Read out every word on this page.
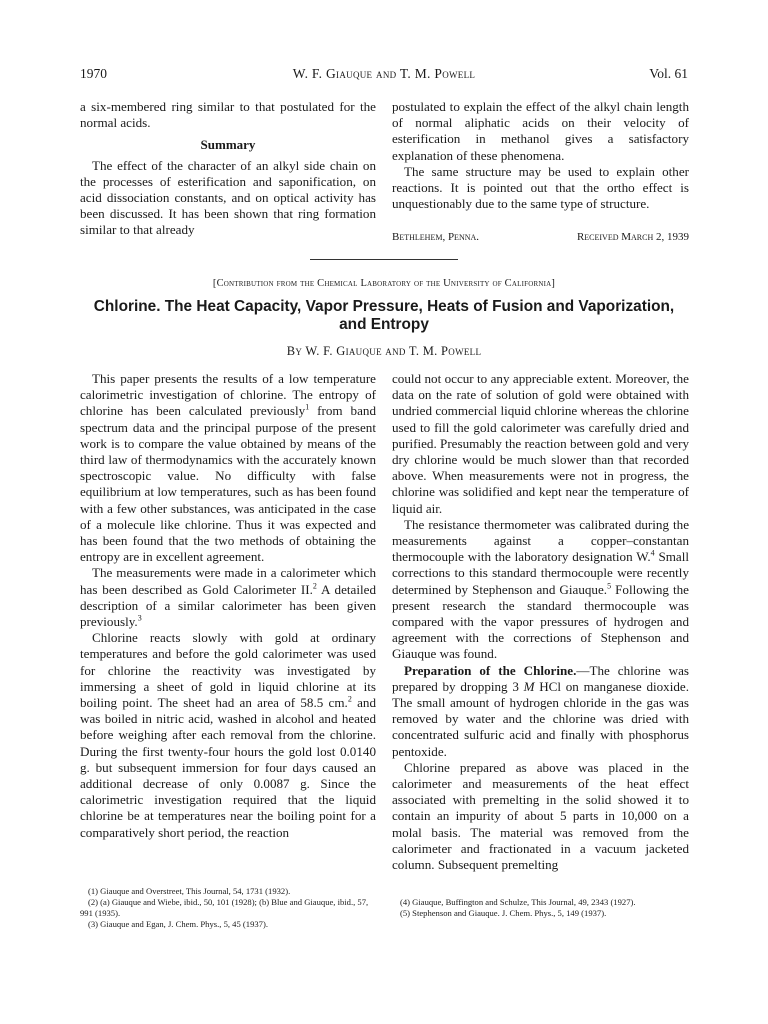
1970	W. F. Giauque and T. M. Powell	Vol. 61

a six-membered ring similar to that postulated for the normal acids.

Summary

The effect of the character of an alkyl side chain on the processes of esterification and saponification, on acid dissociation constants, and on optical activity has been discussed. It has been shown that ring formation similar to that already

postulated to explain the effect of the alkyl chain length of normal aliphatic acids on their velocity of esterification in methanol gives a satisfactory explanation of these phenomena.

The same structure may be used to explain other reactions. It is pointed out that the ortho effect is unquestionably due to the same type of structure.

Bethlehem, Penna.	Received March 2, 1939
[Contribution from the Chemical Laboratory of the University of California]
Chlorine. The Heat Capacity, Vapor Pressure, Heats of Fusion and Vaporization,
and Entropy
By W. F. Giauque and T. M. Powell

This paper presents the results of a low temperature calorimetric investigation of chlorine. The entropy of chlorine has been calculated previously$^1$ from band spectrum data and the principal purpose of the present work is to compare the value obtained by means of the third law of thermodynamics with the accurately known spectroscopic value. No difficulty with false equilibrium at low temperatures, such as has been found with a few other substances, was anticipated in the case of a molecule like chlorine. Thus it was expected and has been found that the two methods of obtaining the entropy are in excellent agreement.

The measurements were made in a calorimeter which has been described as Gold Calorimeter II.$^2$ A detailed description of a similar calorimeter has been given previously.$^3$

Chlorine reacts slowly with gold at ordinary temperatures and before the gold calorimeter was used for chlorine the reactivity was investigated by immersing a sheet of gold in liquid chlorine at its boiling point. The sheet had an area of 58.5 cm.$^2$ and was boiled in nitric acid, washed in alcohol and heated before weighing after each removal from the chlorine. During the first twenty-four hours the gold lost 0.0140 g. but subsequent immersion for four days caused an additional decrease of only 0.0087 g. Since the calorimetric investigation required that the liquid chlorine be at temperatures near the boiling point for a comparatively short period, the reaction

could not occur to any appreciable extent. Moreover, the data on the rate of solution of gold were obtained with undried commercial liquid chlorine whereas the chlorine used to fill the gold calorimeter was carefully dried and purified. Presumably the reaction between gold and very dry chlorine would be much slower than that recorded above. When measurements were not in progress, the chlorine was solidified and kept near the temperature of liquid air.

The resistance thermometer was calibrated during the measurements against a copper–constantan thermocouple with the laboratory designation W.$^4$ Small corrections to this standard thermocouple were recently determined by Stephenson and Giauque.$^5$ Following the present research the standard thermocouple was compared with the vapor pressures of hydrogen and agreement with the corrections of Stephenson and Giauque was found.

Preparation of the Chlorine.—The chlorine was prepared by dropping 3 M HCl on manganese dioxide. The small amount of hydrogen chloride in the gas was removed by water and the chlorine was dried with concentrated sulfuric acid and finally with phosphorus pentoxide.

Chlorine prepared as above was placed in the calorimeter and measurements of the heat effect associated with premelting in the solid showed it to contain an impurity of about 5 parts in 10,000 on a molal basis. The material was removed from the calorimeter and fractionated in a vacuum jacketed column. Subsequent premelting

(1) Giauque and Overstreet, This Journal, 54, 1731 (1932).
(2) (a) Giauque and Wiebe, ibid., 50, 101 (1928); (b) Blue and Giauque, ibid., 57, 991 (1935).
(3) Giauque and Egan, J. Chem. Phys., 5, 45 (1937).
(4) Giauque, Buffington and Schulze, This Journal, 49, 2343 (1927).
(5) Stephenson and Giauque. J. Chem. Phys., 5, 149 (1937).
